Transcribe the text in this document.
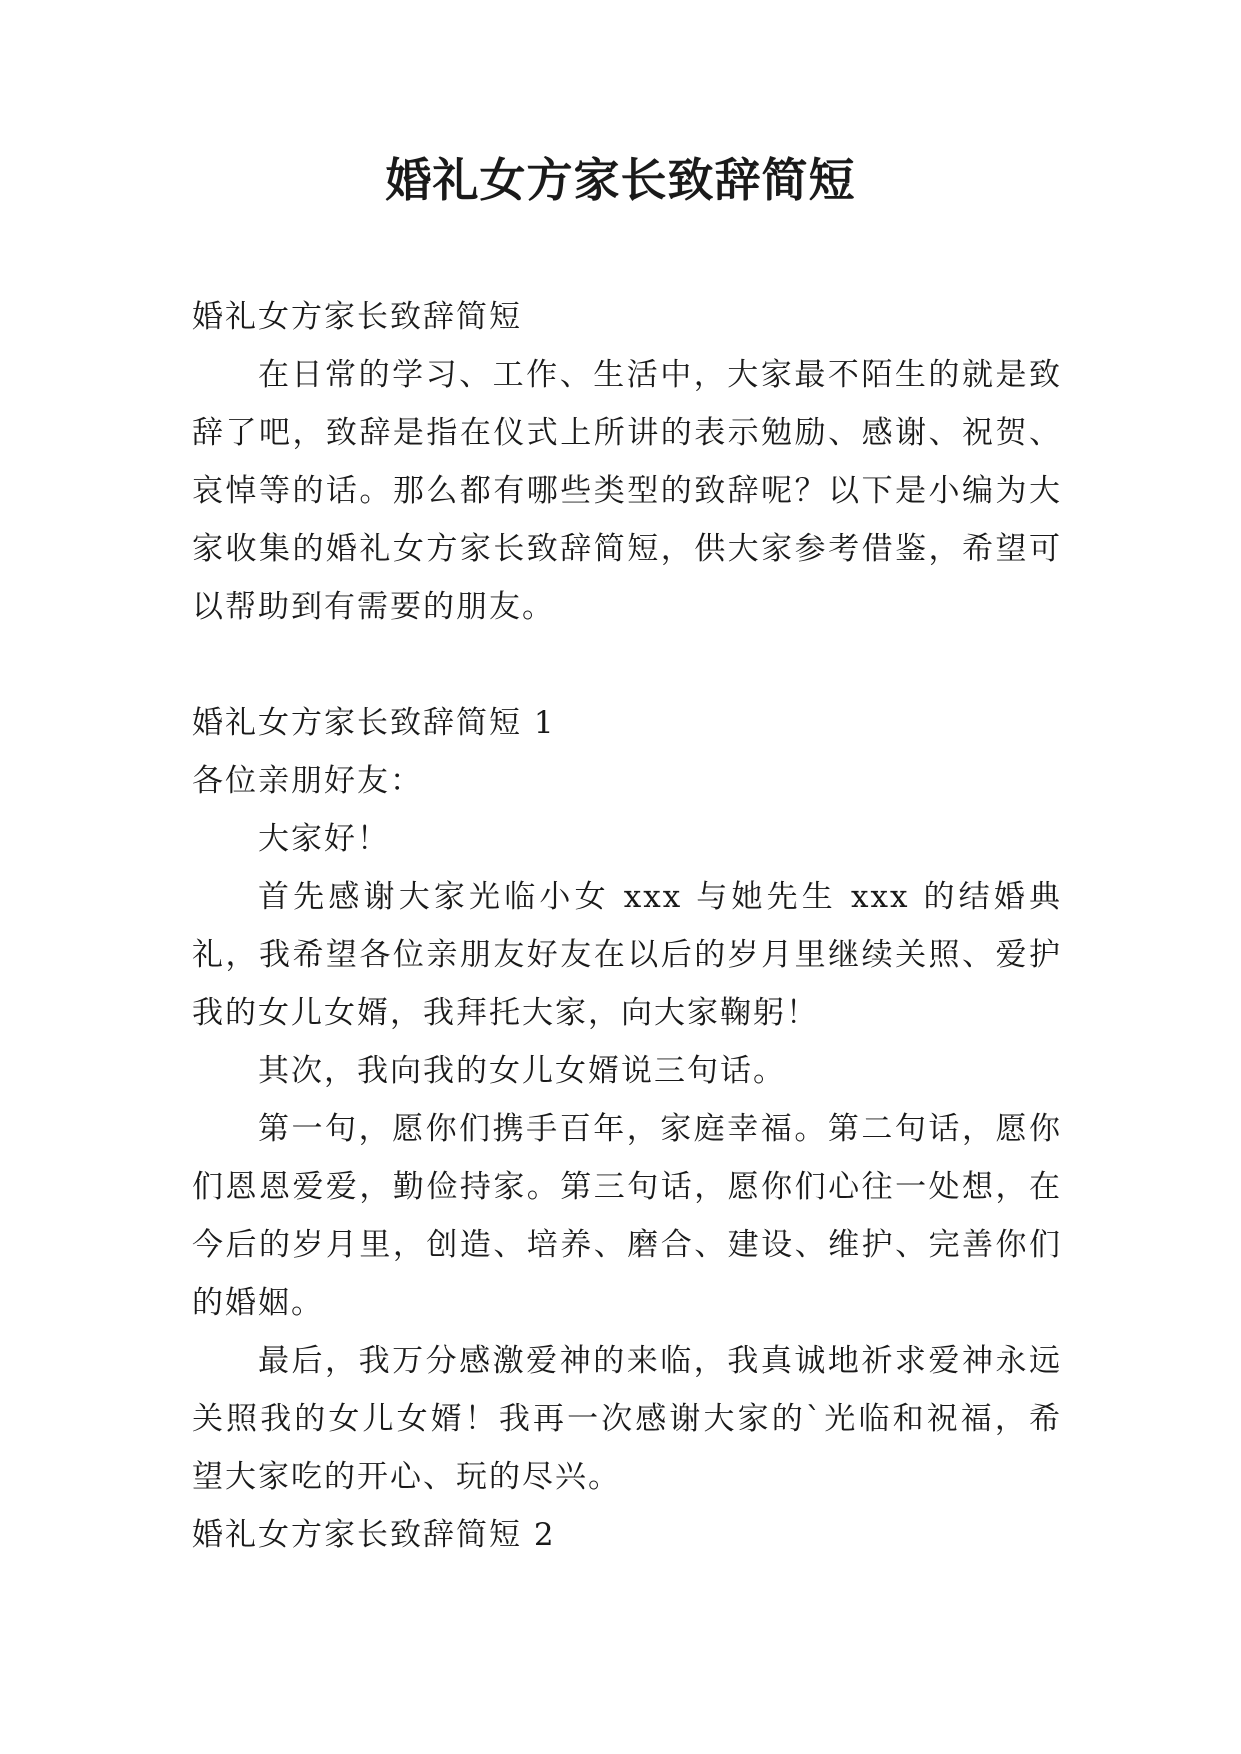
婚礼女方家长致辞简短

婚礼女方家长致辞简短

在日常的学习、工作、生活中，大家最不陌生的就是致辞了吧，致辞是指在仪式上所讲的表示勉励、感谢、祝贺、哀悼等的话。那么都有哪些类型的致辞呢？以下是小编为大家收集的婚礼女方家长致辞简短，供大家参考借鉴，希望可以帮助到有需要的朋友。

婚礼女方家长致辞简短 1

各位亲朋好友：

大家好！

首先感谢大家光临小女 xxx 与她先生 xxx 的结婚典礼，我希望各位亲朋友好友在以后的岁月里继续关照、爱护我的女儿女婿，我拜托大家，向大家鞠躬！

其次，我向我的女儿女婿说三句话。

第一句，愿你们携手百年，家庭幸福。第二句话，愿你们恩恩爱爱，勤俭持家。第三句话，愿你们心往一处想，在今后的岁月里，创造、培养、磨合、建设、维护、完善你们的婚姻。

最后，我万分感激爱神的来临，我真诚地祈求爱神永远关照我的女儿女婿！我再一次感谢大家的`光临和祝福，希望大家吃的开心、玩的尽兴。

婚礼女方家长致辞简短 2
